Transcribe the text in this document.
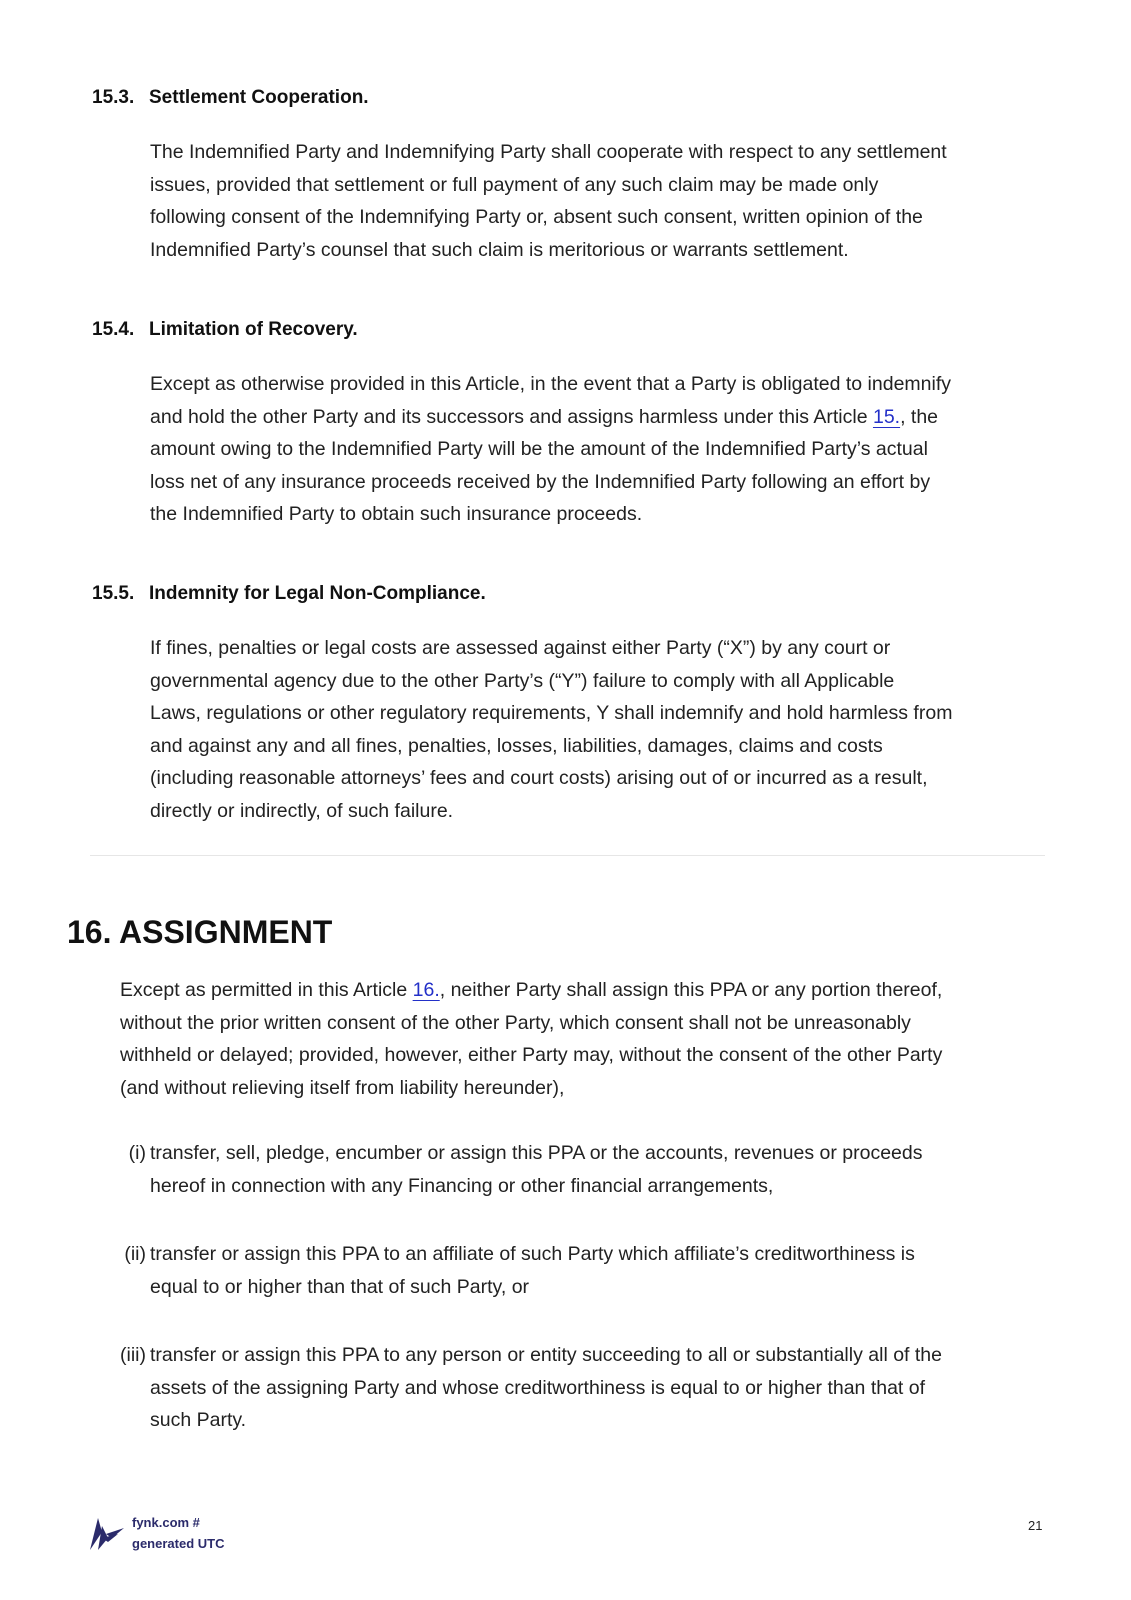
15.3. Settlement Cooperation.
The Indemnified Party and Indemnifying Party shall cooperate with respect to any settlement
issues, provided that settlement or full payment of any such claim may be made only
following consent of the Indemnifying Party or, absent such consent, written opinion of the
Indemnified Party’s counsel that such claim is meritorious or warrants settlement.
15.4. Limitation of Recovery.
Except as otherwise provided in this Article, in the event that a Party is obligated to indemnify
and hold the other Party and its successors and assigns harmless under this Article 15., the
amount owing to the Indemnified Party will be the amount of the Indemnified Party’s actual
loss net of any insurance proceeds received by the Indemnified Party following an effort by
the Indemnified Party to obtain such insurance proceeds.
15.5. Indemnity for Legal Non-Compliance.
If fines, penalties or legal costs are assessed against either Party (“X”) by any court or
governmental agency due to the other Party’s (“Y”) failure to comply with all Applicable
Laws, regulations or other regulatory requirements, Y shall indemnify and hold harmless from
and against any and all fines, penalties, losses, liabilities, damages, claims and costs
(including reasonable attorneys’ fees and court costs) arising out of or incurred as a result,
directly or indirectly, of such failure.
16. ASSIGNMENT
Except as permitted in this Article 16., neither Party shall assign this PPA or any portion thereof,
without the prior written consent of the other Party, which consent shall not be unreasonably
withheld or delayed; provided, however, either Party may, without the consent of the other Party
(and without relieving itself from liability hereunder),
(i) transfer, sell, pledge, encumber or assign this PPA or the accounts, revenues or proceeds
hereof in connection with any Financing or other financial arrangements,
(ii) transfer or assign this PPA to an affiliate of such Party which affiliate’s creditworthiness is
equal to or higher than that of such Party, or
(iii) transfer or assign this PPA to any person or entity succeeding to all or substantially all of the
assets of the assigning Party and whose creditworthiness is equal to or higher than that of
such Party.
fynk.com #
generated UTC
21
